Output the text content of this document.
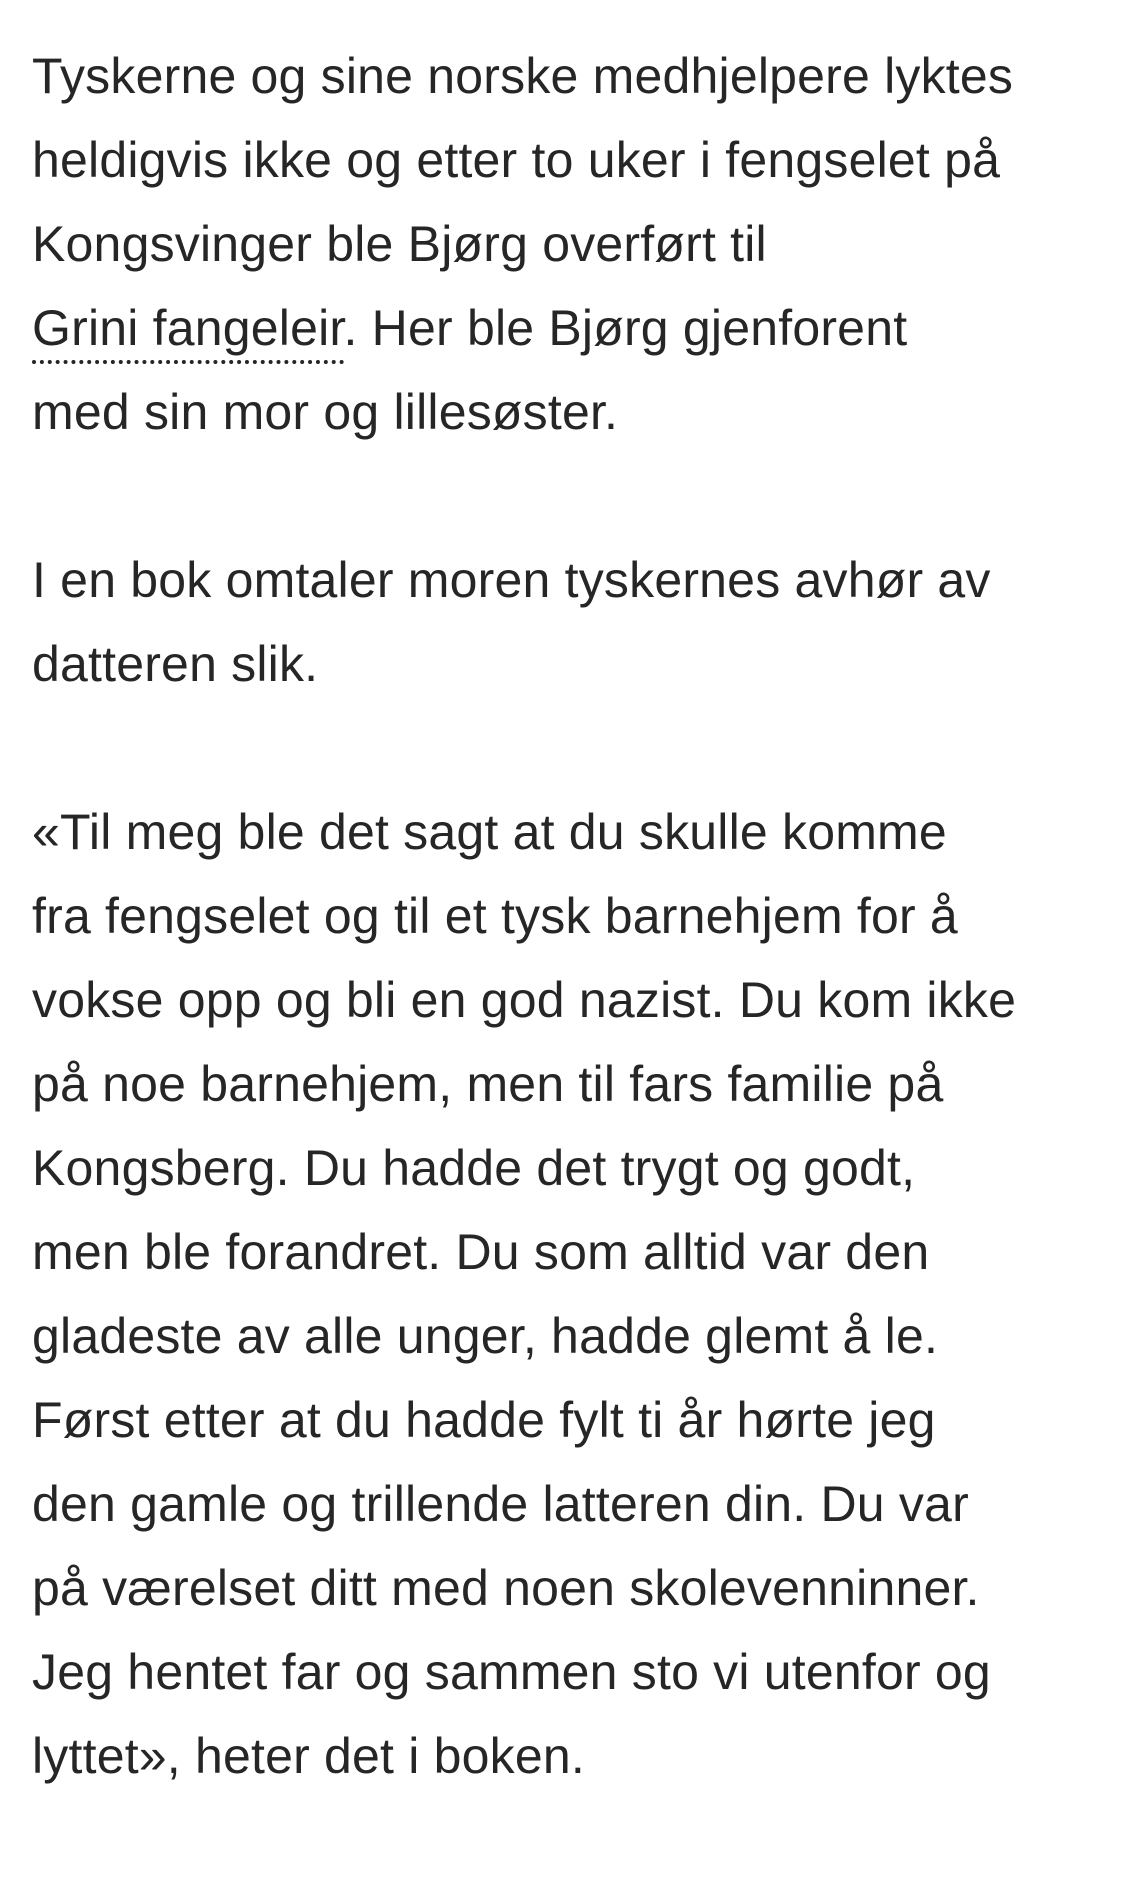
Tyskerne og sine norske medhjelpere lyktes
heldigvis ikke og etter to uker i fengselet på
Kongsvinger ble Bjørg overført til
Grini fangeleir. Her ble Bjørg gjenforent
med sin mor og lillesøster.

I en bok omtaler moren tyskernes avhør av
datteren slik.

«Til meg ble det sagt at du skulle komme
fra fengselet og til et tysk barnehjem for å
vokse opp og bli en god nazist. Du kom ikke
på noe barnehjem, men til fars familie på
Kongsberg. Du hadde det trygt og godt,
men ble forandret. Du som alltid var den
gladeste av alle unger, hadde glemt å le.
Først etter at du hadde fylt ti år hørte jeg
den gamle og trillende latteren din. Du var
på værelset ditt med noen skolevenninner.
Jeg hentet far og sammen sto vi utenfor og
lyttet», heter det i boken.
